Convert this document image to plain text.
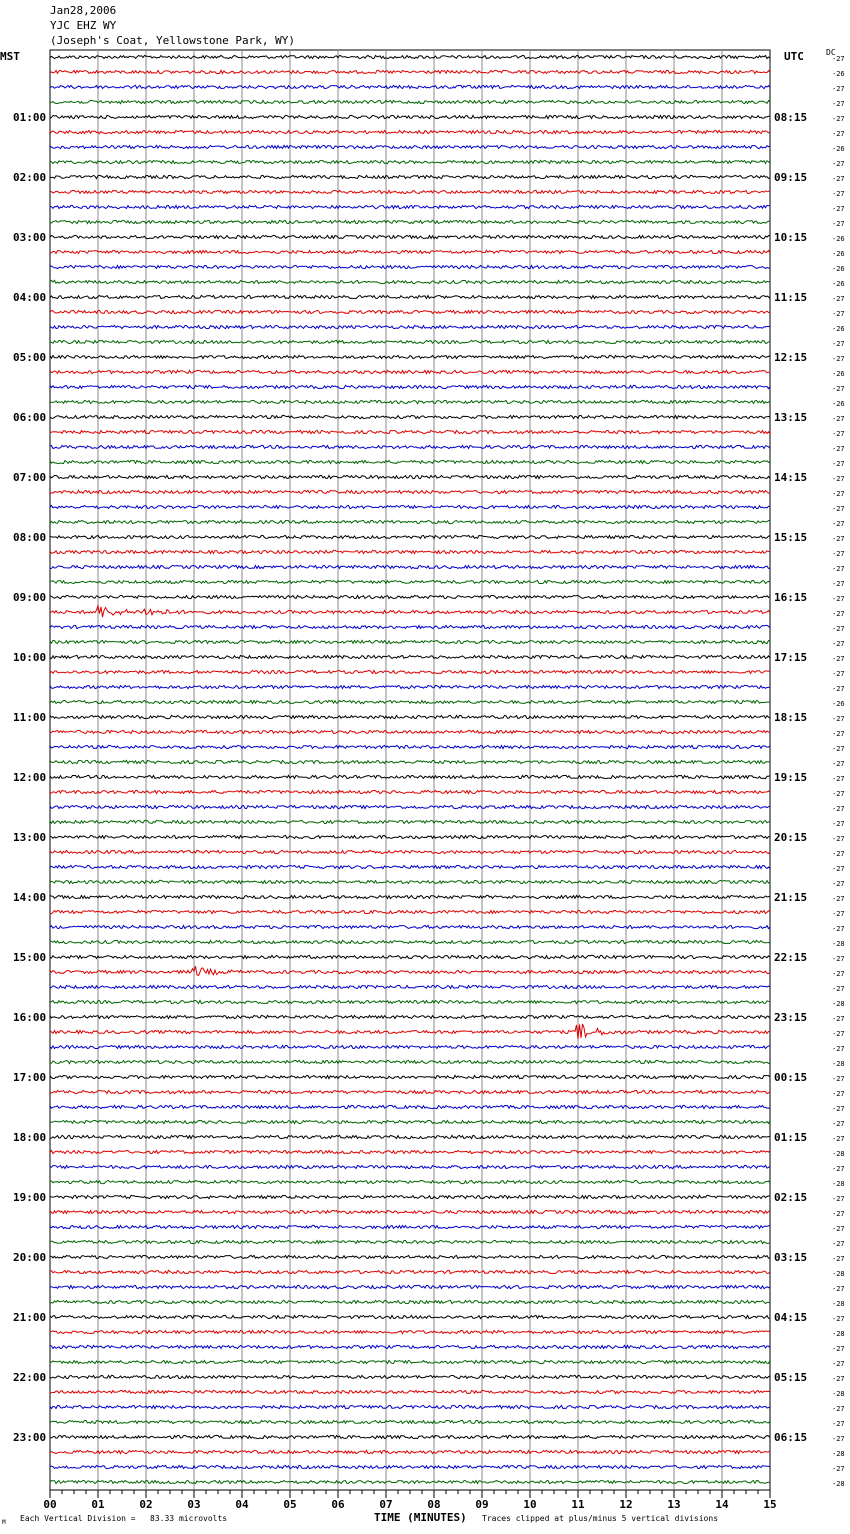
-27
-26
-27
-27
-27
-27
-26
-27
-27
-27
-27
-27
-26
-26
-26
-26
-27
-27
-26
-27
-27
-26
-27
-26
-27
-27
-27
-27
-27
-27
-27
-27
-27
-27
-27
-27
-27
-27
-27
-27
-27
-27
-27
-26
-27
-27
-27
-27
-27
-27
-27
-27
-27
-27
-27
-27
-27
-27
-27
-28
-27
-27
-27
-28
-27
-27
-27
-28
-27
-27
-27
-27
-27
-28
-27
-28
-27
-27
-27
-27
-27
-28
-27
-28
-27
-28
-27
-27
-27
-28
-27
-27
-27
-28
-27
-28
01:00
02:00
03:00
04:00
05:00
06:00
07:00
08:00
09:00
10:00
11:00
12:00
13:00
14:00
15:00
16:00
17:00
18:00
19:00
20:00
21:00
22:00
23:00
08:15
09:15
10:15
11:15
12:15
13:15
14:15
15:15
16:15
17:15
18:15
19:15
20:15
21:15
22:15
23:15
00:15
01:15
02:15
03:15
04:15
05:15
06:15
00	01	02	03	04	05	06	07	08	09	10	11	12	13	14	15
Jan28,2006
YJC EHZ WY
(Joseph's Coat, Yellowstone Park, WY)
MST	UTC	DC
TIME (MINUTES)
Each Vertical Division =   83.33 microvolts	Traces clipped at plus/minus 5 vertical divisions
M
